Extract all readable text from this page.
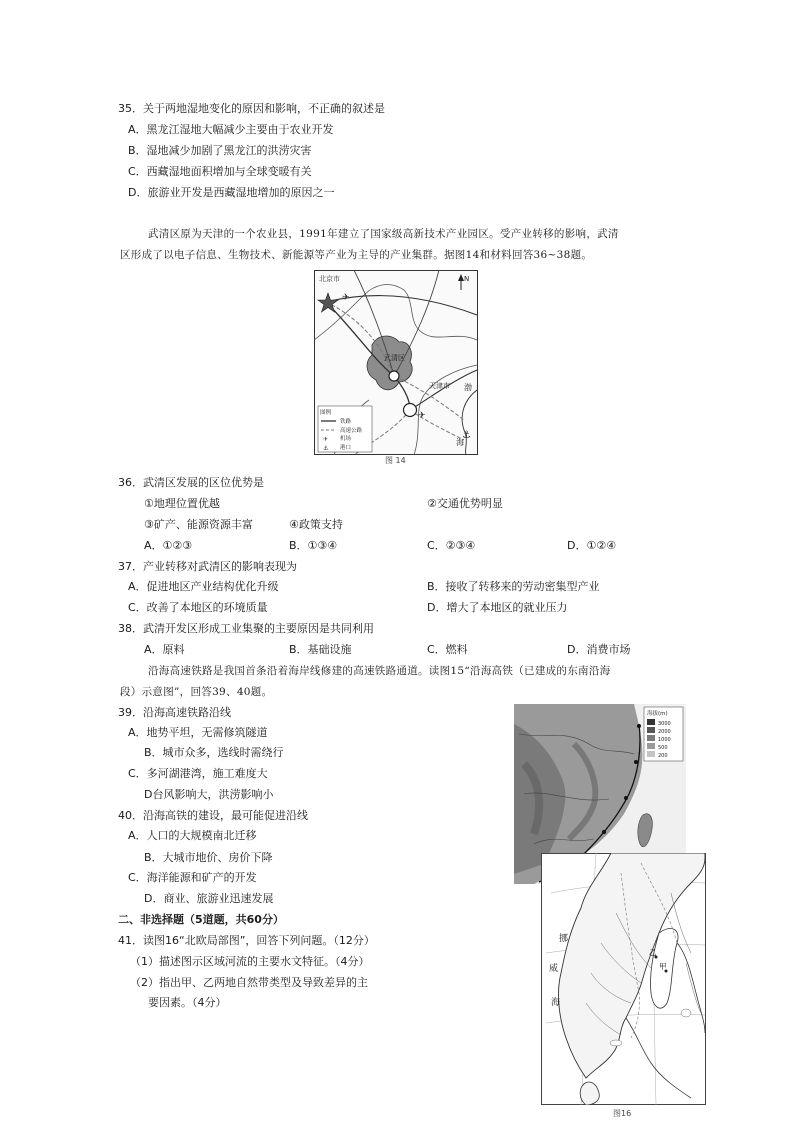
35．关于两地湿地变化的原因和影响，不正确的叙述是
A．黑龙江湿地大幅减少主要由于农业开发
B．湿地减少加剧了黑龙江的洪涝灾害
C．西藏湿地面积增加与全球变暖有关
D．旅游业开发是西藏湿地增加的原因之一
武清区原为天津的一个农业县，1991年建立了国家级高新技术产业园区。受产业转移的影响，武清
区形成了以电子信息、生物技术、新能源等产业为主导的产业集群。据图14和材料回答36~38题。
北京市	N
武清区
天津市
✈
✈
⚓
渤
海
图例
铁路
高速公路
✈ 机场
⚓ 港口
图 14
36．武清区发展的区位优势是
①地理位置优越	②交通优势明显
③矿产、能源资源丰富	④政策支持
A．①②③	B．①③④	C．②③④	D．①②④
37．产业转移对武清区的影响表现为
A．促进地区产业结构优化升级	B．接收了转移来的劳动密集型产业
C．改善了本地区的环境质量	D．增大了本地区的就业压力
38．武清开发区形成工业集聚的主要原因是共同利用
A．原料	B．基础设施	C．燃料	D．消费市场
沿海高速铁路是我国首条沿着海岸线修建的高速铁路通道。读图15“沿海高铁（已建成的东南沿海
段）示意图”，回答39、40题。
39．沿海高速铁路沿线
A．地势平坦，无需修筑隧道
B．城市众多，选线时需绕行
C．多河湖港湾，施工难度大
D台风影响大，洪涝影响小
40．沿海高铁的建设，最可能促进沿线
A．人口的大规模南北迁移
B．大城市地价、房价下降
C．海洋能源和矿产的开发
D．商业、旅游业迅速发展
二、非选择题（5道题，共60分）
41．读图16“北欧局部图”，回答下列问题。（12分）
（1）描述图示区域河流的主要水文特征。（4分）
（2）指出甲、乙两地自然带类型及导致差异的主
要因素。（4分）
海拔(m)
3000
2000
1000
500
200
挪
威
海
乙
甲
图16
